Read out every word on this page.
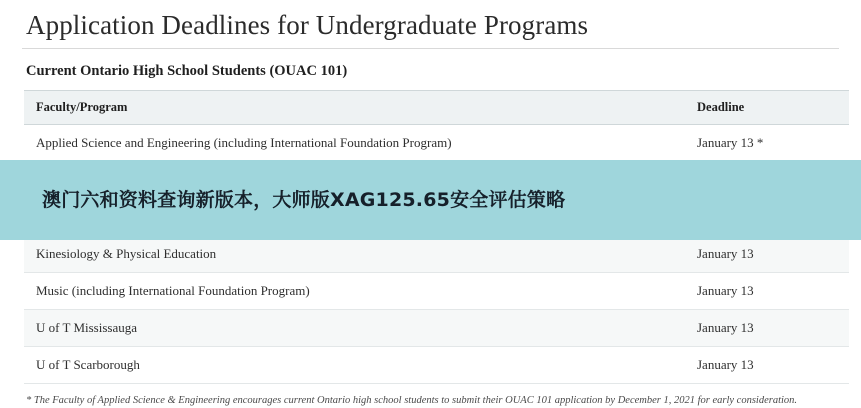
Application Deadlines for Undergraduate Programs
Current Ontario High School Students (OUAC 101)
Faculty/Program	Deadline
Applied Science and Engineering (including International Foundation Program)	January 13 *

Kinesiology & Physical Education	January 13
Music (including International Foundation Program)	January 13
U of T Mississauga	January 13
U of T Scarborough	January 13
* The Faculty of Applied Science & Engineering encourages current Ontario high school students to submit their OUAC 101 application by December 1, 2021 for early consideration.
澳门六和资料查询新版本，大师版XAG125.65安全评估策略
